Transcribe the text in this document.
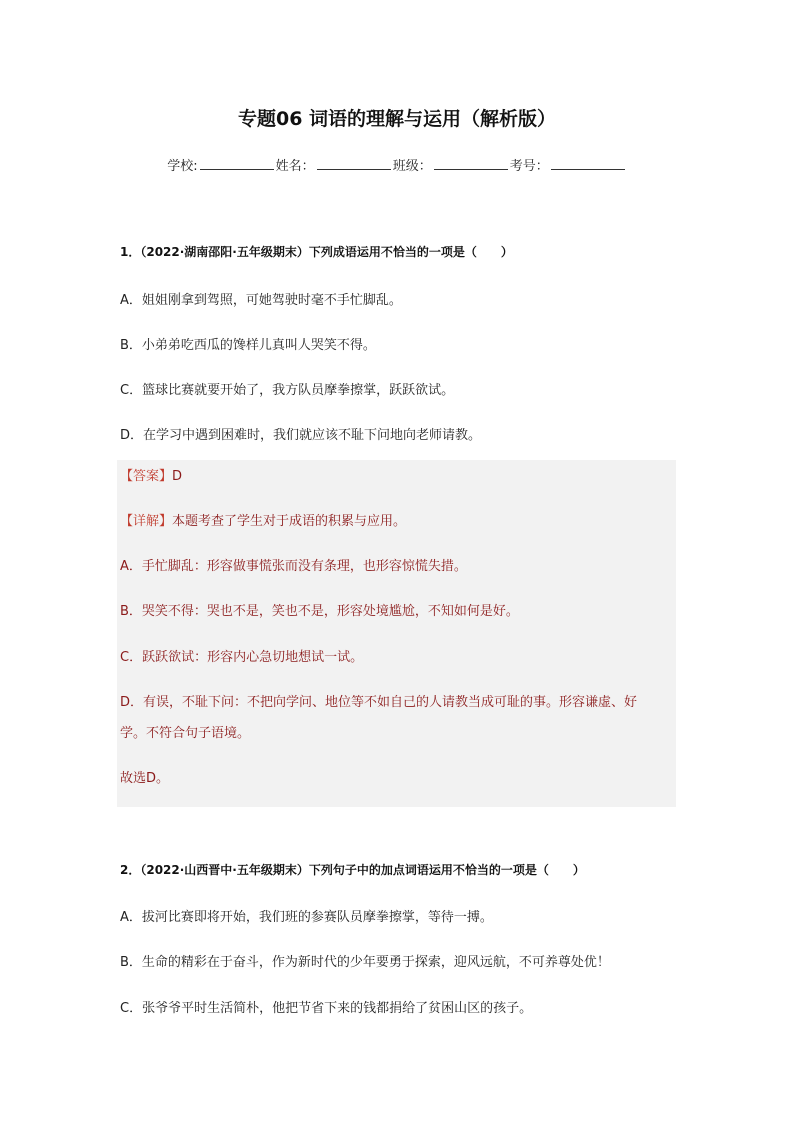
专题06 词语的理解与运用（解析版）
学校:	姓名：	班级：	考号：
1．（2022·湖南邵阳·五年级期末）下列成语运用不恰当的一项是（　　）
A．姐姐刚拿到驾照，可她驾驶时毫不手忙脚乱。
B．小弟弟吃西瓜的馋样儿真叫人哭笑不得。
C．篮球比赛就要开始了，我方队员摩拳擦掌，跃跃欲试。
D．在学习中遇到困难时，我们就应该不耻下问地向老师请教。
【答案】D
【详解】本题考查了学生对于成语的积累与应用。
A．手忙脚乱：形容做事慌张而没有条理，也形容惊慌失措。
B．哭笑不得：哭也不是，笑也不是，形容处境尴尬，不知如何是好。
C．跃跃欲试：形容内心急切地想试一试。
D．有误，不耻下问：不把向学问、地位等不如自己的人请教当成可耻的事。形容谦虚、好
学。不符合句子语境。
故选D。
2．（2022·山西晋中·五年级期末）下列句子中的加点词语运用不恰当的一项是（　　）
A．拔河比赛即将开始，我们班的参赛队员摩拳擦掌，等待一搏。
B．生命的精彩在于奋斗，作为新时代的少年要勇于探索，迎风远航，不可养尊处优！
C．张爷爷平时生活简朴，他把节省下来的钱都捐给了贫困山区的孩子。
